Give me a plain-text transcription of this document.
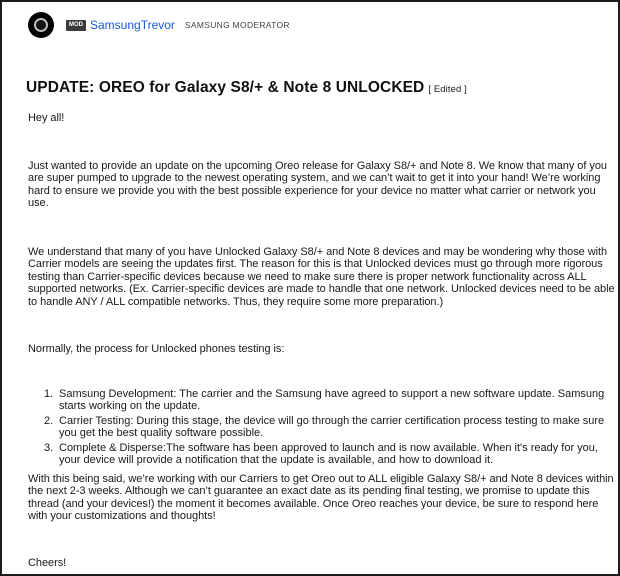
MOD SamsungTrevor SAMSUNG MODERATOR
UPDATE: OREO for Galaxy S8/+ & Note 8 UNLOCKED [ Edited ]

Hey all!

Just wanted to provide an update on the upcoming Oreo release for Galaxy S8/+ and Note 8. We know that many of you are super pumped to upgrade to the newest operating system, and we can’t wait to get it into your hand! We’re working hard to ensure we provide you with the best possible experience for your device no matter what carrier or network you use.

We understand that many of you have Unlocked Galaxy S8/+ and Note 8 devices and may be wondering why those with Carrier models are seeing the updates first. The reason for this is that Unlocked devices must go through more rigorous testing than Carrier-specific devices because we need to make sure there is proper network functionality across ALL supported networks. (Ex. Carrier-specific devices are made to handle that one network. Unlocked devices need to be able to handle ANY / ALL compatible networks. Thus, they require some more preparation.)

Normally, the process for Unlocked phones testing is:

1. Samsung Development: The carrier and the Samsung have agreed to support a new software update. Samsung starts working on the update.
2. Carrier Testing: During this stage, the device will go through the carrier certification process testing to make sure you get the best quality software possible.
3. Complete & Disperse:The software has been approved to launch and is now available. When it's ready for you, your device will provide a notification that the update is available, and how to download it.

With this being said, we’re working with our Carriers to get Oreo out to ALL eligible Galaxy S8/+ and Note 8 devices within the next 2-3 weeks. Although we can’t guarantee an exact date as its pending final testing, we promise to update this thread (and your devices!) the moment it becomes available. Once Oreo reaches your device, be sure to respond here with your customizations and thoughts!

Cheers!
